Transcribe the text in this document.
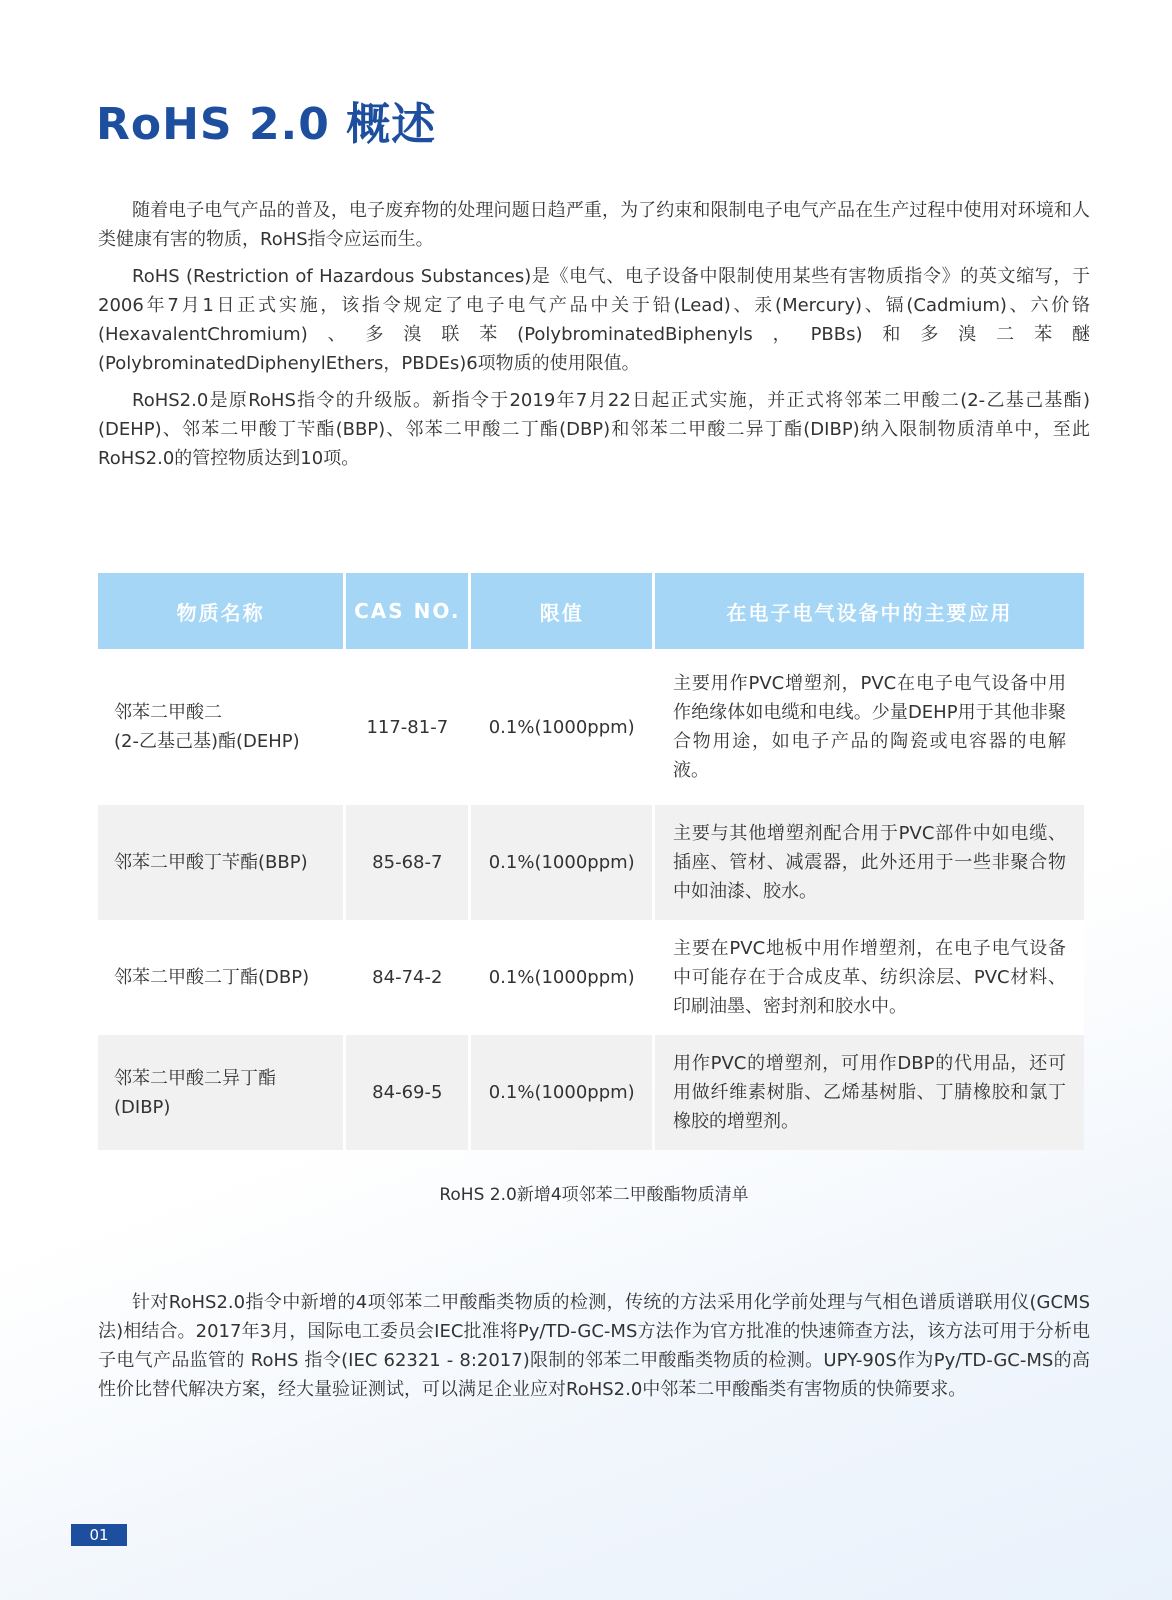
RoHS 2.0 概述

随着电子电气产品的普及，电子废弃物的处理问题日趋严重，为了约束和限制电子电气产品在生产过程中使用对环境和人类健康有害的物质，RoHS指令应运而生。

RoHS (Restriction of Hazardous Substances)是《电气、电子设备中限制使用某些有害物质指令》的英文缩写，于2006年7月1日正式实施，该指令规定了电子电气产品中关于铅(Lead)、汞(Mercury)、镉(Cadmium)、六价铬(HexavalentChromium)、多溴联苯(PolybrominatedBiphenyls，PBBs)和多溴二苯醚(PolybrominatedDiphenylEthers，PBDEs)6项物质的使用限值。

RoHS2.0是原RoHS指令的升级版。新指令于2019年7月22日起正式实施，并正式将邻苯二甲酸二(2-乙基己基酯)(DEHP)、邻苯二甲酸丁苄酯(BBP)、邻苯二甲酸二丁酯(DBP)和邻苯二甲酸二异丁酯(DIBP)纳入限制物质清单中，至此RoHS2.0的管控物质达到10项。

物质名称	CAS NO.	限值	在电子电气设备中的主要应用

邻苯二甲酸二
(2-乙基己基)酯(DEHP)	117-81-7	0.1%(1000ppm)	主要用作PVC增塑剂，PVC在电子电气设备中用作绝缘体如电缆和电线。少量DEHP用于其他非聚合物用途，如电子产品的陶瓷或电容器的电解液。

邻苯二甲酸丁苄酯(BBP)	85-68-7	0.1%(1000ppm)	主要与其他增塑剂配合用于PVC部件中如电缆、插座、管材、减震器，此外还用于一些非聚合物中如油漆、胶水。

邻苯二甲酸二丁酯(DBP)	84-74-2	0.1%(1000ppm)	主要在PVC地板中用作增塑剂，在电子电气设备中可能存在于合成皮革、纺织涂层、PVC材料、印刷油墨、密封剂和胶水中。

邻苯二甲酸二异丁酯
(DIBP)	84-69-5	0.1%(1000ppm)	用作PVC的增塑剂，可用作DBP的代用品，还可用做纤维素树脂、乙烯基树脂、丁腈橡胶和氯丁橡胶的增塑剂。
RoHS 2.0新增4项邻苯二甲酸酯物质清单

针对RoHS2.0指令中新增的4项邻苯二甲酸酯类物质的检测，传统的方法采用化学前处理与气相色谱质谱联用仪(GCMS法)相结合。2017年3月，国际电工委员会IEC批准将Py/TD-GC-MS方法作为官方批准的快速筛查方法，该方法可用于分析电子电气产品监管的 RoHS 指令(IEC 62321 - 8:2017)限制的邻苯二甲酸酯类物质的检测。UPY-90S作为Py/TD-GC-MS的高性价比替代解决方案，经大量验证测试，可以满足企业应对RoHS2.0中邻苯二甲酸酯类有害物质的快筛要求。

01
